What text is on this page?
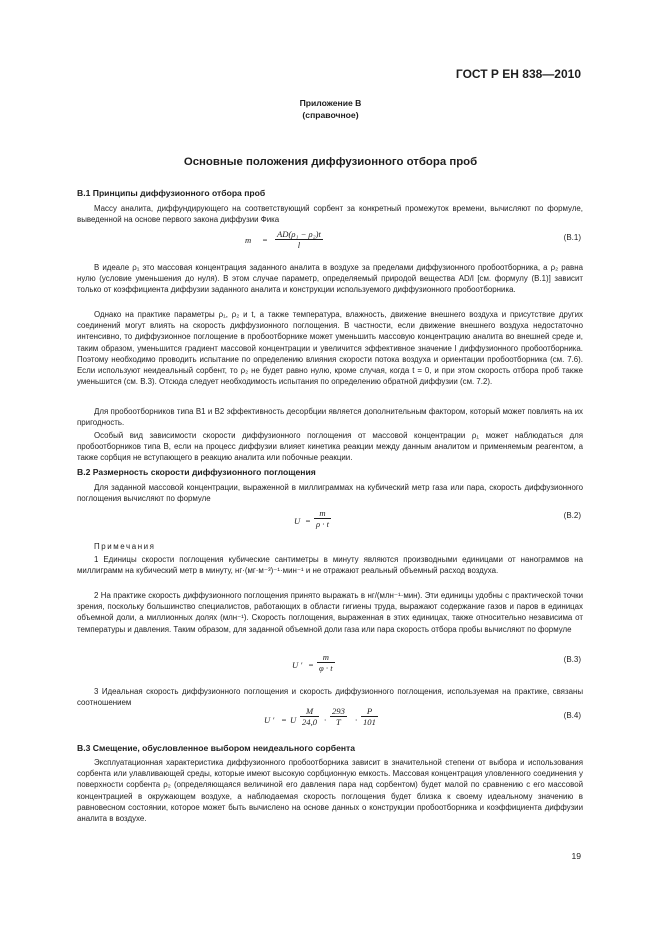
ГОСТ Р ЕН 838—2010
Приложение В
(справочное)
Основные положения диффузионного отбора проб
В.1 Принципы диффузионного отбора проб
Массу аналита, диффундирующего на соответствующий сорбент за конкретный промежуток времени, вычисляют по формуле, выведенной на основе первого закона диффузии Фика
$m = \frac{\text{AD(ρ₁ − ρ₂)t}}{l}$	(В.1)
В идеале ρ₁ это массовая концентрация заданного аналита в воздухе за пределами диффузионного пробоотборника, а ρ₂ равна нулю (условие уменьшения до нуля). В этом случае параметр, определяемый природой вещества AD/l [см. формулу (В.1)] зависит только от коэффициента диффузии заданного аналита и конструкции используемого диффузионного пробоотборника.
Однако на практике параметры ρ₁, ρ₂ и t, а также температура, влажность, движение внешнего воздуха и присутствие других соединений могут влиять на скорость диффузионного поглощения. В частности, если движение внешнего воздуха недостаточно интенсивно, то диффузионное поглощение в пробоотборнике может уменьшить массовую концентрацию аналита во внешней среде и, таким образом, уменьшится градиент массовой концентрации и увеличится эффективное значение l диффузионного пробоотборника. Поэтому необходимо проводить испытание по определению влияния скорости потока воздуха и ориентации пробоотборника (см. 7.6). Если используют неидеальный сорбент, то ρ₂ не будет равно нулю, кроме случая, когда t = 0, и при этом скорость отбора проб также уменьшится (см. В.3). Отсюда следует необходимость испытания по определению обратной диффузии (см. 7.2).
Для пробоотборников типа В1 и В2 эффективность десорбции является дополнительным фактором, который может повлиять на их пригодность.
Особый вид зависимости скорости диффузионного поглощения от массовой концентрации ρ₁ может наблюдаться для пробоотборников типа В, если на процесс диффузии влияет кинетика реакции между данным аналитом и применяемым реагентом, а также сорбция не вступающего в реакцию аналита или побочные реакции.
В.2 Размерность скорости диффузионного поглощения
Для заданной массовой концентрации, выраженной в миллиграммах на кубический метр газа или пара, скорость диффузионного поглощения вычисляют по формуле
$U = \frac{m}{\rho \cdot t}$	(В.2)
Примечания
1 Единицы скорости поглощения кубические сантиметры в минуту являются производными единицами от нанограммов на миллиграмм на кубический метр в минуту, нг·(мг·м⁻³)⁻¹·мин⁻¹ и не отражают реальный объемный расход воздуха.
2 На практике скорость диффузионного поглощения принято выражать в нг/(млн⁻¹·мин). Эти единицы удобны с практической точки зрения, поскольку большинство специалистов, работающих в области гигиены труда, выражают содержание газов и паров в единицах объемной доли, а миллионных долях (млн⁻¹). Скорость поглощения, выраженная в этих единицах, также относительно независима от температуры и давления. Таким образом, для заданной объемной доли газа или пара скорость отбора пробы вычисляют по формуле
U ′ = $\frac{m}{\varphi \cdot t}$	(В.3)
3 Идеальная скорость диффузионного поглощения и скорость диффузионного поглощения, используемая на практике, связаны соотношением
U ′ = U $\frac{M}{24,0} \cdot \frac{293}{T} \cdot \frac{P}{101}$	(В.4)
В.3 Смещение, обусловленное выбором неидеального сорбента
Эксплуатационная характеристика диффузионного пробоотборника зависит в значительной степени от выбора и использования сорбента или улавливающей среды, которые имеют высокую сорбционную емкость. Массовая концентрация уловленного соединения у поверхности сорбента ρ₂ (определяющаяся величиной его давления пара над сорбентом) будет малой по сравнению с его массовой концентрацией в окружающем воздухе, а наблюдаемая скорость поглощения будет близка к своему идеальному значению в равновесном состоянии, которое может быть вычислено на основе данных о конструкции пробоотборника и коэффициента диффузии аналита в воздухе.
19
